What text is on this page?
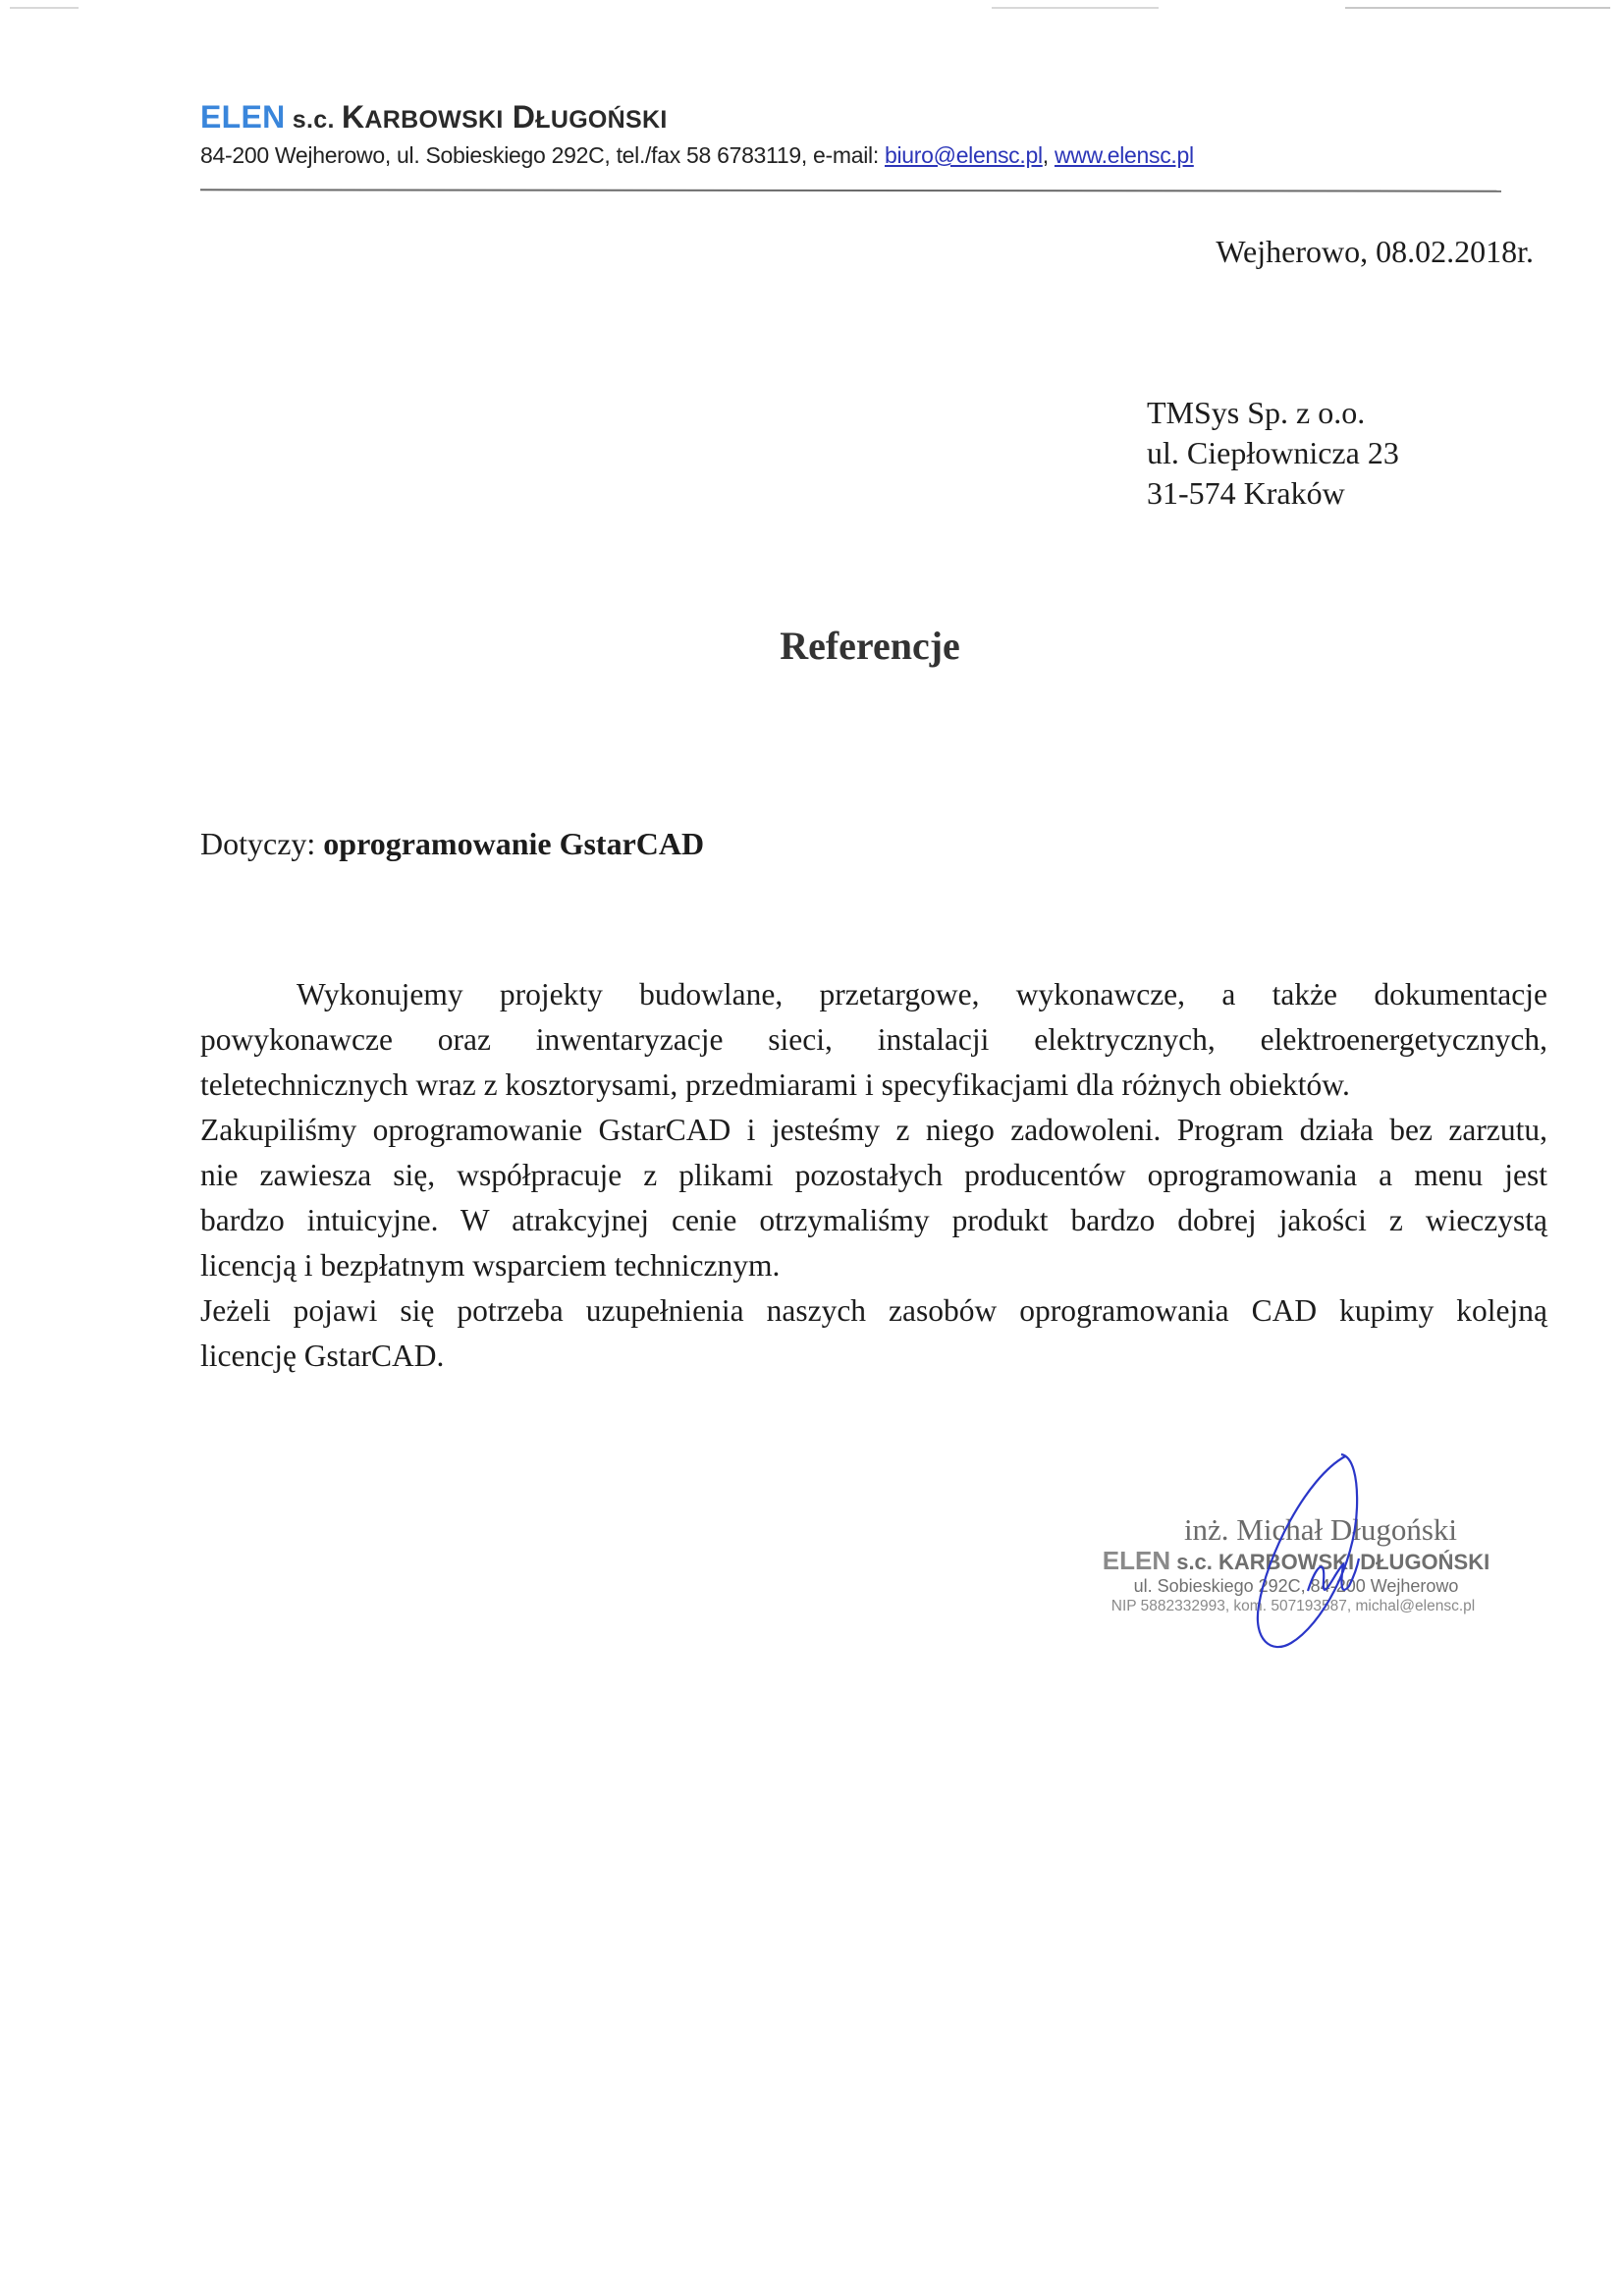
ELEN s.c. KARBOWSKI DŁUGOŃSKI
84-200 Wejherowo, ul. Sobieskiego 292C, tel./fax 58 6783119, e-mail: biuro@elensc.pl, www.elensc.pl
Wejherowo, 08.02.2018r.
TMSys Sp. z o.o.
ul. Ciepłownicza 23
31-574 Kraków
Referencje
Dotyczy: oprogramowanie GstarCAD
Wykonujemy projekty budowlane, przetargowe, wykonawcze, a także dokumentacje
powykonawcze oraz inwentaryzacje sieci, instalacji elektrycznych, elektroenergetycznych,
teletechnicznych wraz z kosztorysami, przedmiarami i specyfikacjami dla różnych obiektów.
Zakupiliśmy oprogramowanie GstarCAD i jesteśmy z niego zadowoleni. Program działa bez zarzutu,
nie zawiesza się, współpracuje z plikami pozostałych producentów oprogramowania a menu jest
bardzo intuicyjne. W atrakcyjnej cenie otrzymaliśmy produkt bardzo dobrej jakości z wieczystą
licencją i bezpłatnym wsparciem technicznym.
Jeżeli pojawi się potrzeba uzupełnienia naszych zasobów oprogramowania CAD kupimy kolejną
licencję GstarCAD.
inż. Michał Długoński
ELEN s.c. KARBOWSKI DŁUGOŃSKI
ul. Sobieskiego 292C, 84-200 Wejherowo
NIP 5882332993, kom. 507193587, michal@elensc.pl
